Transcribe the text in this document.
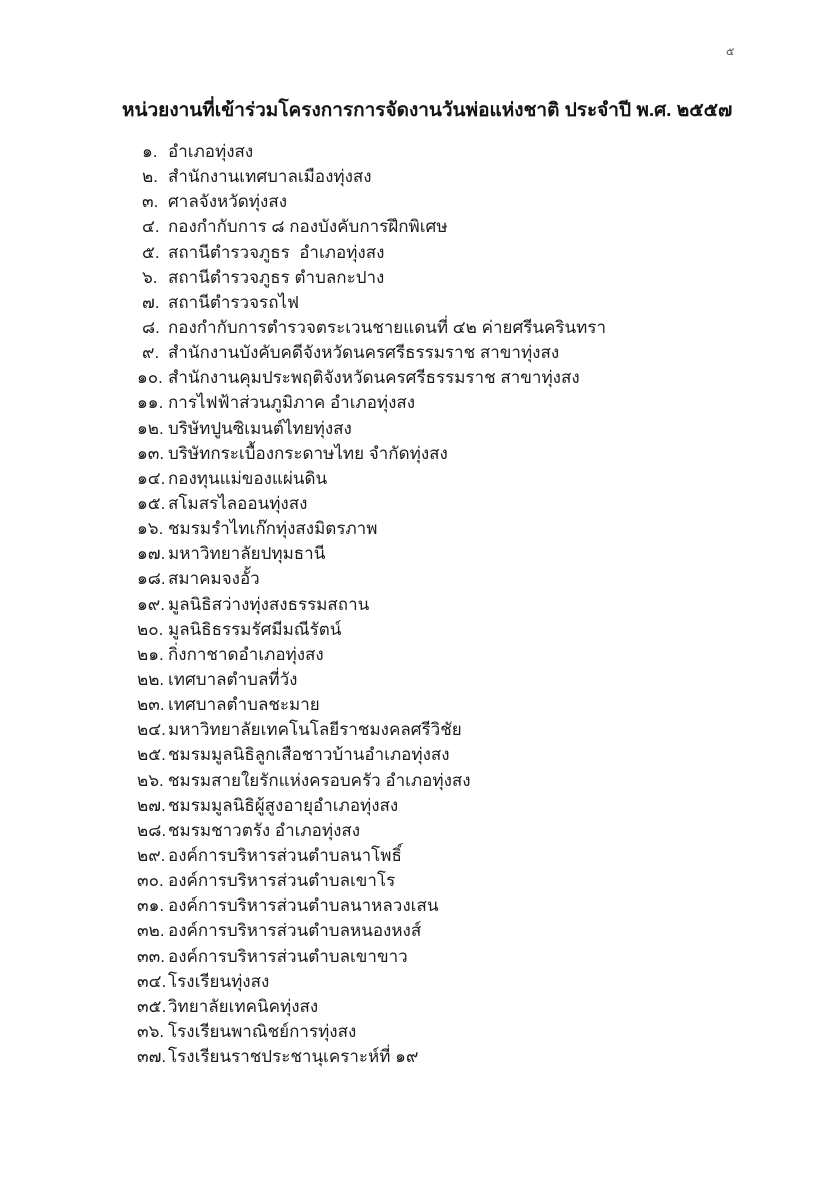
๕
หน่วยงานที่เข้าร่วมโครงการการจัดงานวันพ่อแห่งชาติ ประจำปี พ.ศ. ๒๕๕๗
๑. อำเภอทุ่งสง
๒. สำนักงานเทศบาลเมืองทุ่งสง
๓. ศาลจังหวัดทุ่งสง
๔. กองกำกับการ ๘ กองบังคับการฝึกพิเศษ
๕. สถานีตำรวจภูธร  อำเภอทุ่งสง
๖. สถานีตำรวจภูธร ตำบลกะปาง
๗. สถานีตำรวจรถไฟ
๘. กองกำกับการตำรวจตระเวนชายแดนที่ ๔๒ ค่ายศรีนครินทรา
๙. สำนักงานบังคับคดีจังหวัดนครศรีธรรมราช สาขาทุ่งสง
๑๐. สำนักงานคุมประพฤติจังหวัดนครศรีธรรมราช สาขาทุ่งสง
๑๑. การไฟฟ้าส่วนภูมิภาค อำเภอทุ่งสง
๑๒. บริษัทปูนซิเมนต์ไทยทุ่งสง
๑๓. บริษัทกระเบื้องกระดาษไทย จำกัดทุ่งสง
๑๔. กองทุนแม่ของแผ่นดิน
๑๕. สโมสรไลออนทุ่งสง
๑๖. ชมรมรำไทเก๊กทุ่งสงมิตรภาพ
๑๗. มหาวิทยาลัยปทุมธานี
๑๘. สมาคมจงอั้ว
๑๙. มูลนิธิสว่างทุ่งสงธรรมสถาน
๒๐. มูลนิธิธรรมรัศมีมณีรัตน์
๒๑. กิ่งกาชาดอำเภอทุ่งสง
๒๒. เทศบาลตำบลที่วัง
๒๓. เทศบาลตำบลชะมาย
๒๔. มหาวิทยาลัยเทคโนโลยีราชมงคลศรีวิชัย
๒๕. ชมรมมูลนิธิลูกเสือชาวบ้านอำเภอทุ่งสง
๒๖. ชมรมสายใยรักแห่งครอบครัว อำเภอทุ่งสง
๒๗. ชมรมมูลนิธิผู้สูงอายุอำเภอทุ่งสง
๒๘. ชมรมชาวตรัง อำเภอทุ่งสง
๒๙. องค์การบริหารส่วนตำบลนาโพธิ์
๓๐. องค์การบริหารส่วนตำบลเขาโร
๓๑. องค์การบริหารส่วนตำบลนาหลวงเสน
๓๒. องค์การบริหารส่วนตำบลหนองหงส์
๓๓. องค์การบริหารส่วนตำบลเขาขาว
๓๔. โรงเรียนทุ่งสง
๓๕. วิทยาลัยเทคนิคทุ่งสง
๓๖. โรงเรียนพาณิชย์การทุ่งสง
๓๗. โรงเรียนราชประชานุเคราะห์ที่ ๑๙
